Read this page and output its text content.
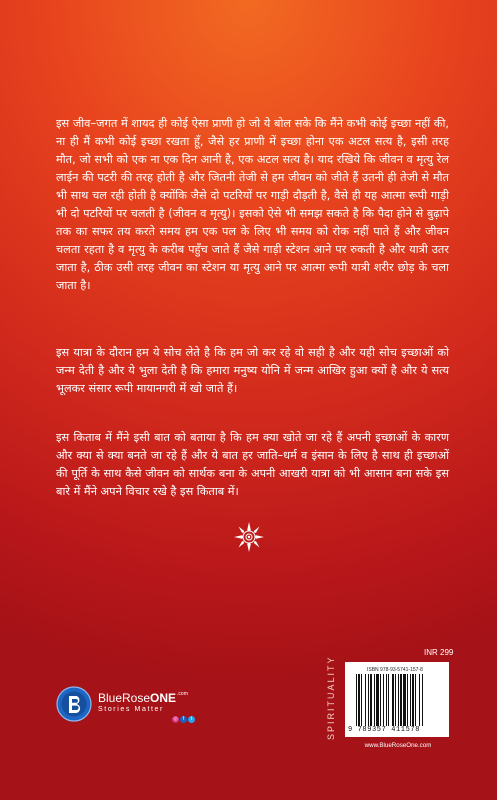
इस जीव–जगत में शायद ही कोई ऐसा प्राणी हो जो ये बोल सके कि मैंने कभी कोई इच्छा नहीं की, ना ही मैं कभी कोई इच्छा रखता हूँ, जैसे हर प्राणी में इच्छा होना एक अटल सत्य है, इसी तरह मौत, जो सभी को एक ना एक दिन आनी है, एक अटल सत्य है। याद रखिये कि जीवन व मृत्यु रेल लाईन की पटरी की तरह होती है और जितनी तेजी से हम जीवन को जीते हैं उतनी ही तेजी से मौत भी साथ चल रही होती है क्योंकि जैसे दो पटरियों पर गाड़ी दौड़ती है, वैसे ही यह आत्मा रूपी गाड़ी भी दो पटरियों पर चलती है (जीवन व मृत्यु)। इसको ऐसे भी समझ सकते है कि पैदा होने से बुढ़ापे तक का सफर तय करते समय हम एक पल के लिए भी समय को रोक नहीं पाते हैं और जीवन चलता रहता है व मृत्यु के करीब पहुँच जाते हैं जैसे गाड़ी स्टेशन आने पर रुकती है और यात्री उतर जाता है, ठीक उसी तरह जीवन का स्टेशन या मृत्यु आने पर आत्मा रूपी यात्री शरीर छोड़ के चला जाता है।

इस यात्रा के दौरान हम ये सोच लेते है कि हम जो कर रहे वो सही है और यही सोच इच्छाओं को जन्म देती है और ये भुला देती है कि हमारा मनुष्य योनि में जन्म आखिर हुआ क्यों है और ये सत्य भूलकर संसार रूपी मायानगरी में खो जाते हैं।

इस किताब में मैंने इसी बात को बताया है कि हम क्या खोते जा रहे हैं अपनी इच्छाओं के कारण और क्या से क्या बनते जा रहे हैं और ये बात हर जाति–धर्म व इंसान के लिए है साथ ही इच्छाओं की पूर्ति के साथ कैसे जीवन को सार्थक बना के अपनी आखरी यात्रा को भी आसान बना सके इस बारे में मैंने अपने विचार रखे है इस किताब में।

INR 299
SPIRITUALITY	ISBN 978-93-5741-157-8
9 789357 411578
www.BlueRoseOne.com
BlueRoseONE$^{.com}$
Stories Matter
◎	f	t
